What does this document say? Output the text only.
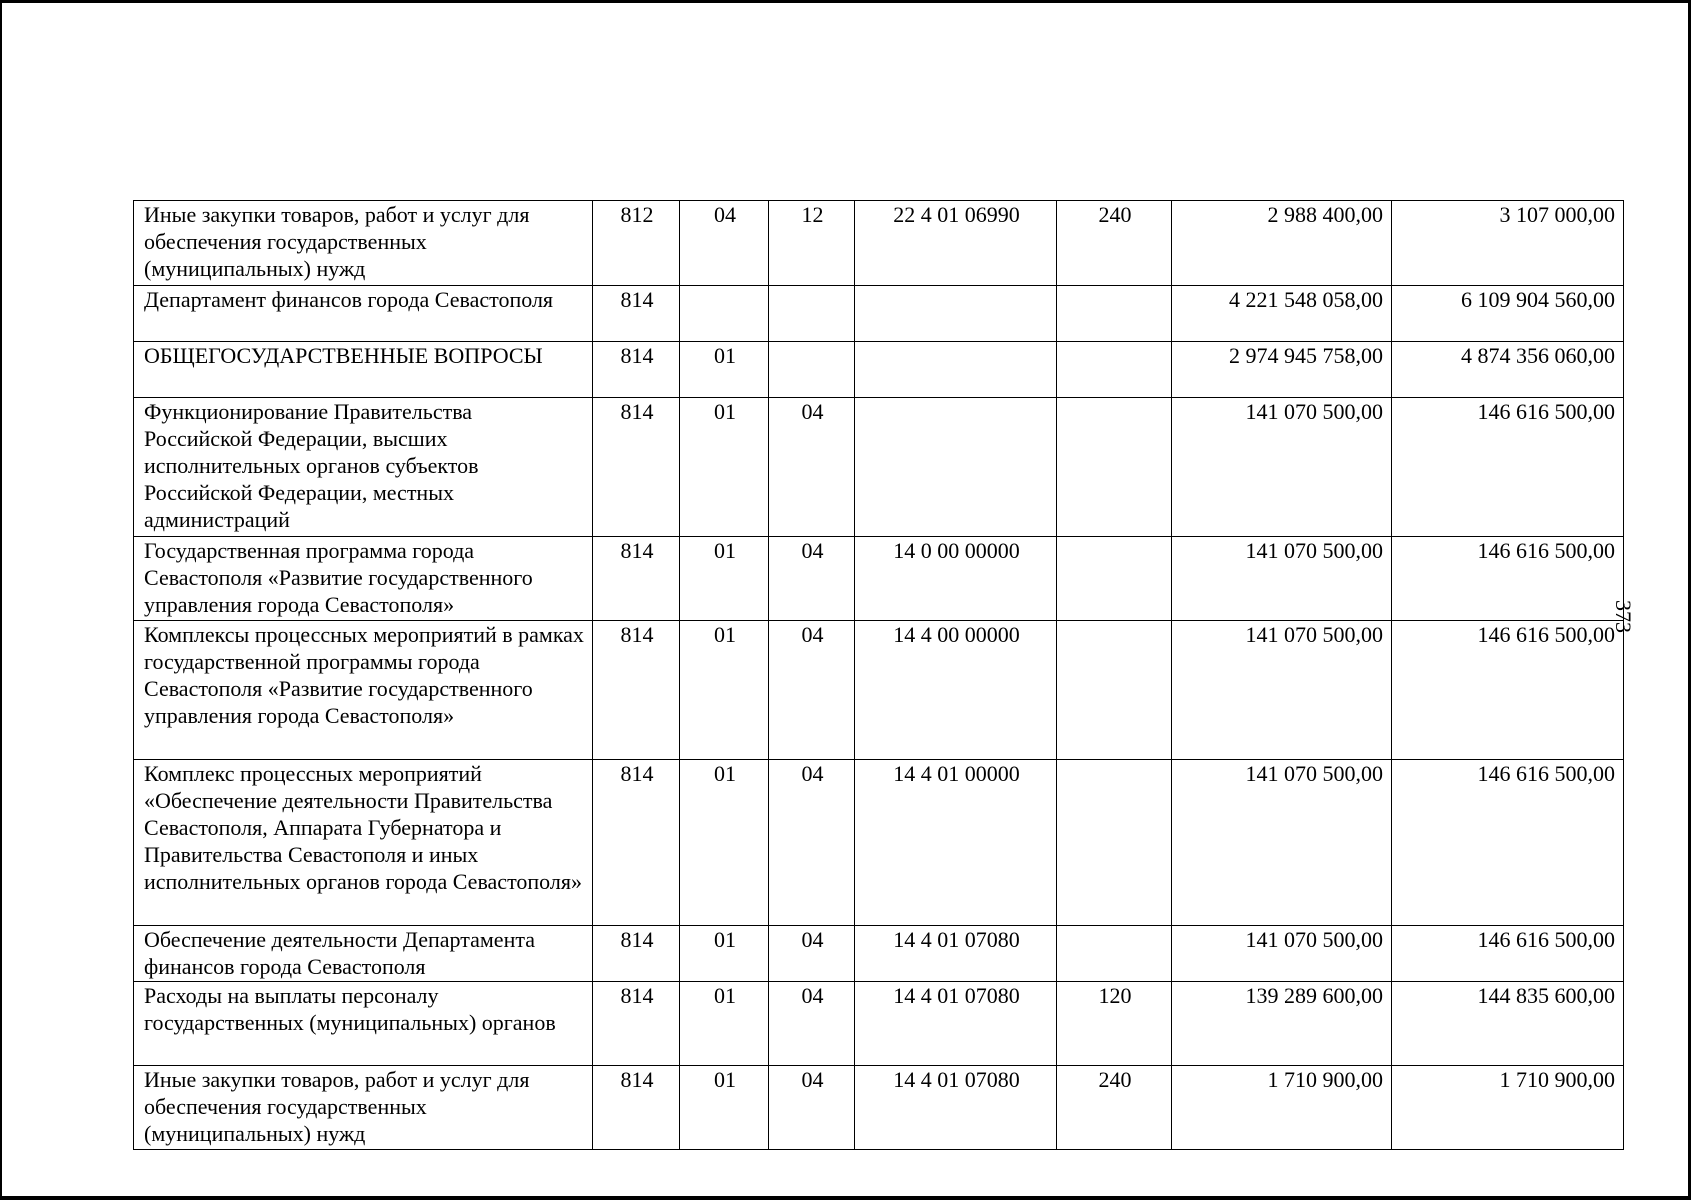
373
Иные закупки товаров, работ и услуг для обеспечения государственных (муниципальных) нужд	812	04	12	22 4 01 06990	240	2 988 400,00	3 107 000,00
Департамент финансов города Севастополя	814					4 221 548 058,00	6 109 904 560,00
ОБЩЕГОСУДАРСТВЕННЫЕ ВОПРОСЫ	814	01				2 974 945 758,00	4 874 356 060,00
Функционирование Правительства Российской Федерации, высших исполнительных органов субъектов Российской Федерации, местных администраций	814	01	04			141 070 500,00	146 616 500,00
Государственная программа города Севастополя «Развитие государственного управления города Севастополя»	814	01	04	14 0 00 00000		141 070 500,00	146 616 500,00
Комплексы процессных мероприятий в рамках государственной программы города Севастополя «Развитие государственного управления города Севастополя»	814	01	04	14 4 00 00000		141 070 500,00	146 616 500,00
Комплекс процессных мероприятий «Обеспечение деятельности Правительства Севастополя, Аппарата Губернатора и Правительства Севастополя и иных исполнительных органов города Севастополя»	814	01	04	14 4 01 00000		141 070 500,00	146 616 500,00
Обеспечение деятельности Департамента финансов города Севастополя	814	01	04	14 4 01 07080		141 070 500,00	146 616 500,00
Расходы на выплаты персоналу государственных (муниципальных) органов	814	01	04	14 4 01 07080	120	139 289 600,00	144 835 600,00
Иные закупки товаров, работ и услуг для обеспечения государственных (муниципальных) нужд	814	01	04	14 4 01 07080	240	1 710 900,00	1 710 900,00
